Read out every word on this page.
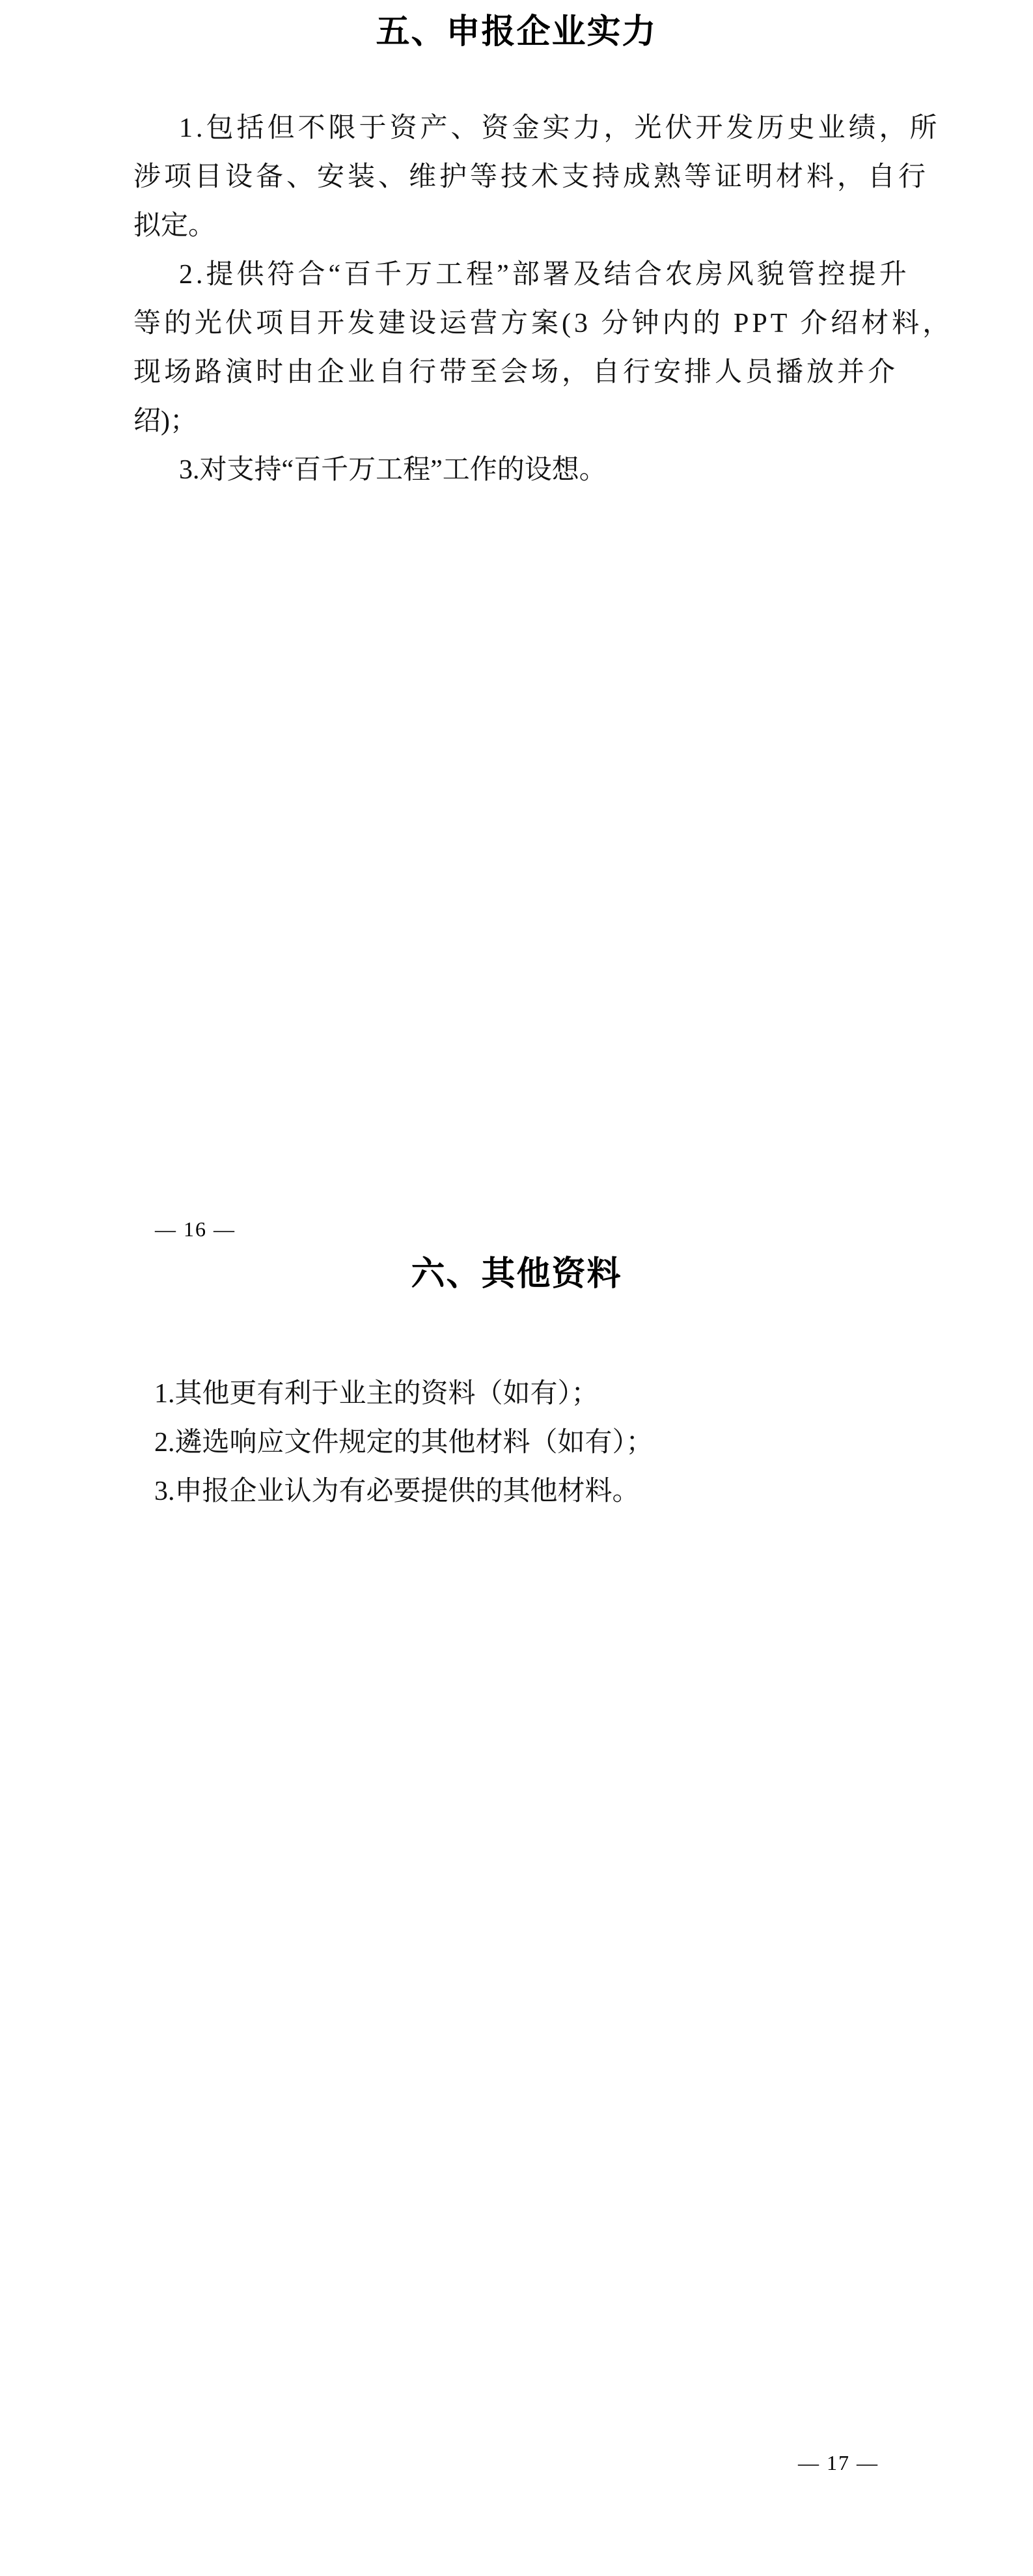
五、申报企业实力
1.包括但不限于资产、资金实力，光伏开发历史业绩，所
涉项目设备、安装、维护等技术支持成熟等证明材料，自行
拟定。
2.提供符合“百千万工程”部署及结合农房风貌管控提升
等的光伏项目开发建设运营方案(3 分钟内的 PPT 介绍材料，
现场路演时由企业自行带至会场，自行安排人员播放并介
绍)；
3.对支持“百千万工程”工作的设想。
— 16 —
六、其他资料
1.其他更有利于业主的资料（如有）；
2.遴选响应文件规定的其他材料（如有）；
3.申报企业认为有必要提供的其他材料。
— 17 —
